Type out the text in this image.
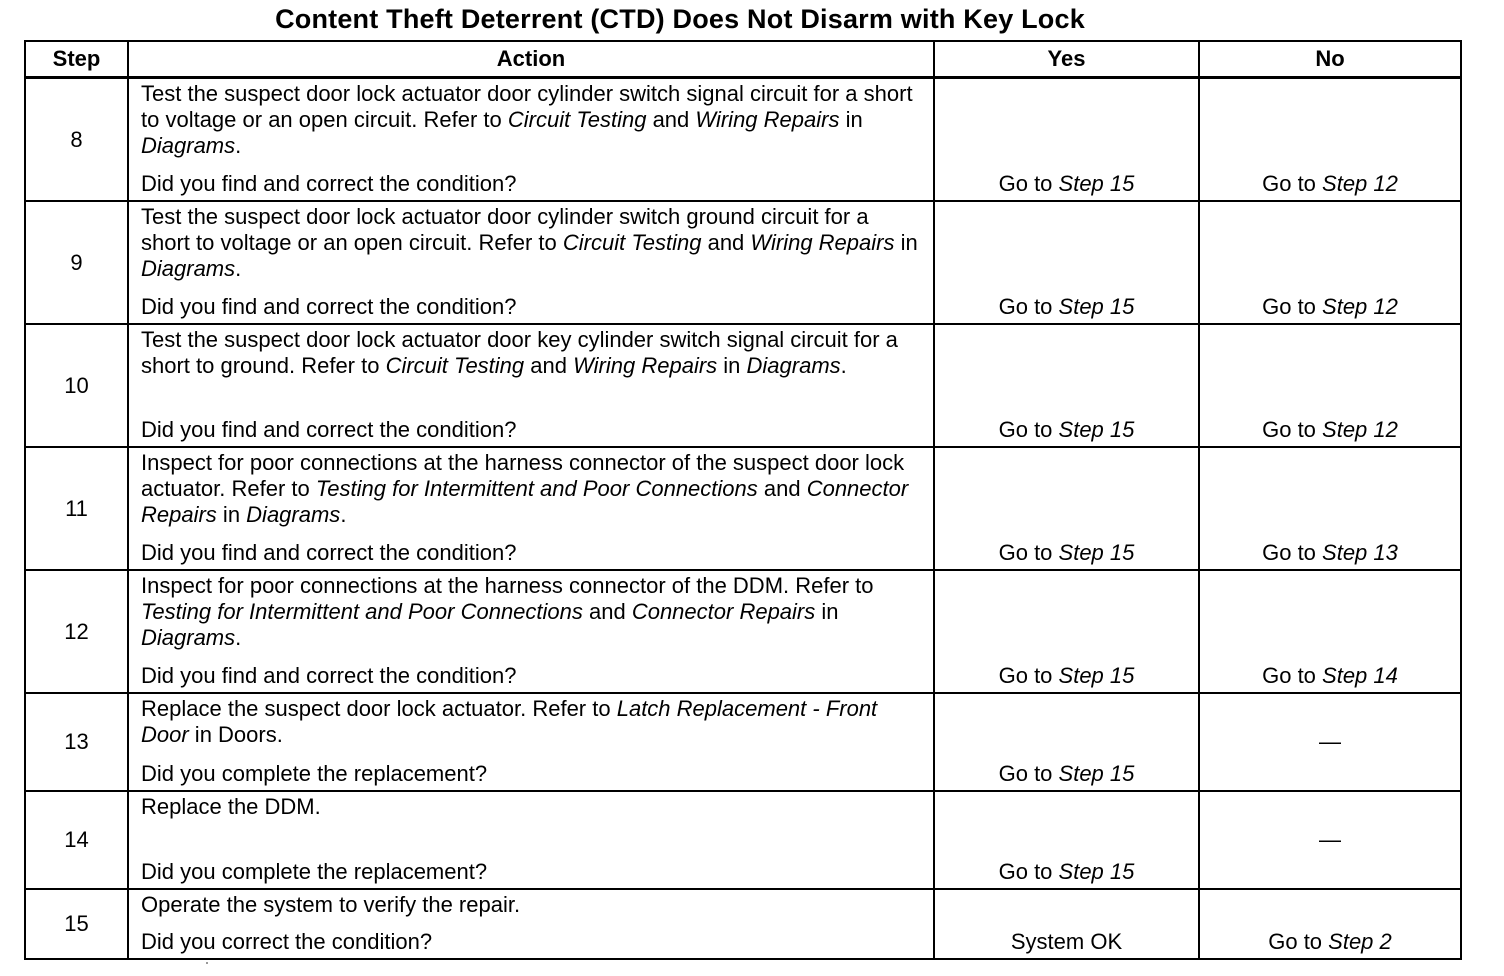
Content Theft Deterrent (CTD) Does Not Disarm with Key Lock
Step	Action	Yes	No
8	Test the suspect door lock actuator door cylinder switch signal circuit for a short to voltage or an open circuit. Refer to Circuit Testing and Wiring Repairs in Diagrams.
Did you find and correct the condition?	Go to Step 15	Go to Step 12

9	Test the suspect door lock actuator door cylinder switch ground circuit for a short to voltage or an open circuit. Refer to Circuit Testing and Wiring Repairs in Diagrams.
Did you find and correct the condition?	Go to Step 15	Go to Step 12

10	Test the suspect door lock actuator door key cylinder switch signal circuit for a short to ground. Refer to Circuit Testing and Wiring Repairs in Diagrams.
Did you find and correct the condition?	Go to Step 15	Go to Step 12

11	Inspect for poor connections at the harness connector of the suspect door lock actuator. Refer to Testing for Intermittent and Poor Connections and Connector Repairs in Diagrams.
Did you find and correct the condition?	Go to Step 15	Go to Step 13

12	Inspect for poor connections at the harness connector of the DDM. Refer to Testing for Intermittent and Poor Connections and Connector Repairs in Diagrams.
Did you find and correct the condition?	Go to Step 15	Go to Step 14

13	Replace the suspect door lock actuator. Refer to Latch Replacement - Front Door in Doors.
Did you complete the replacement?	Go to Step 15	—

14	Replace the DDM.
Did you complete the replacement?	Go to Step 15	—

15	Operate the system to verify the repair.
Did you correct the condition?	System OK	Go to Step 2
